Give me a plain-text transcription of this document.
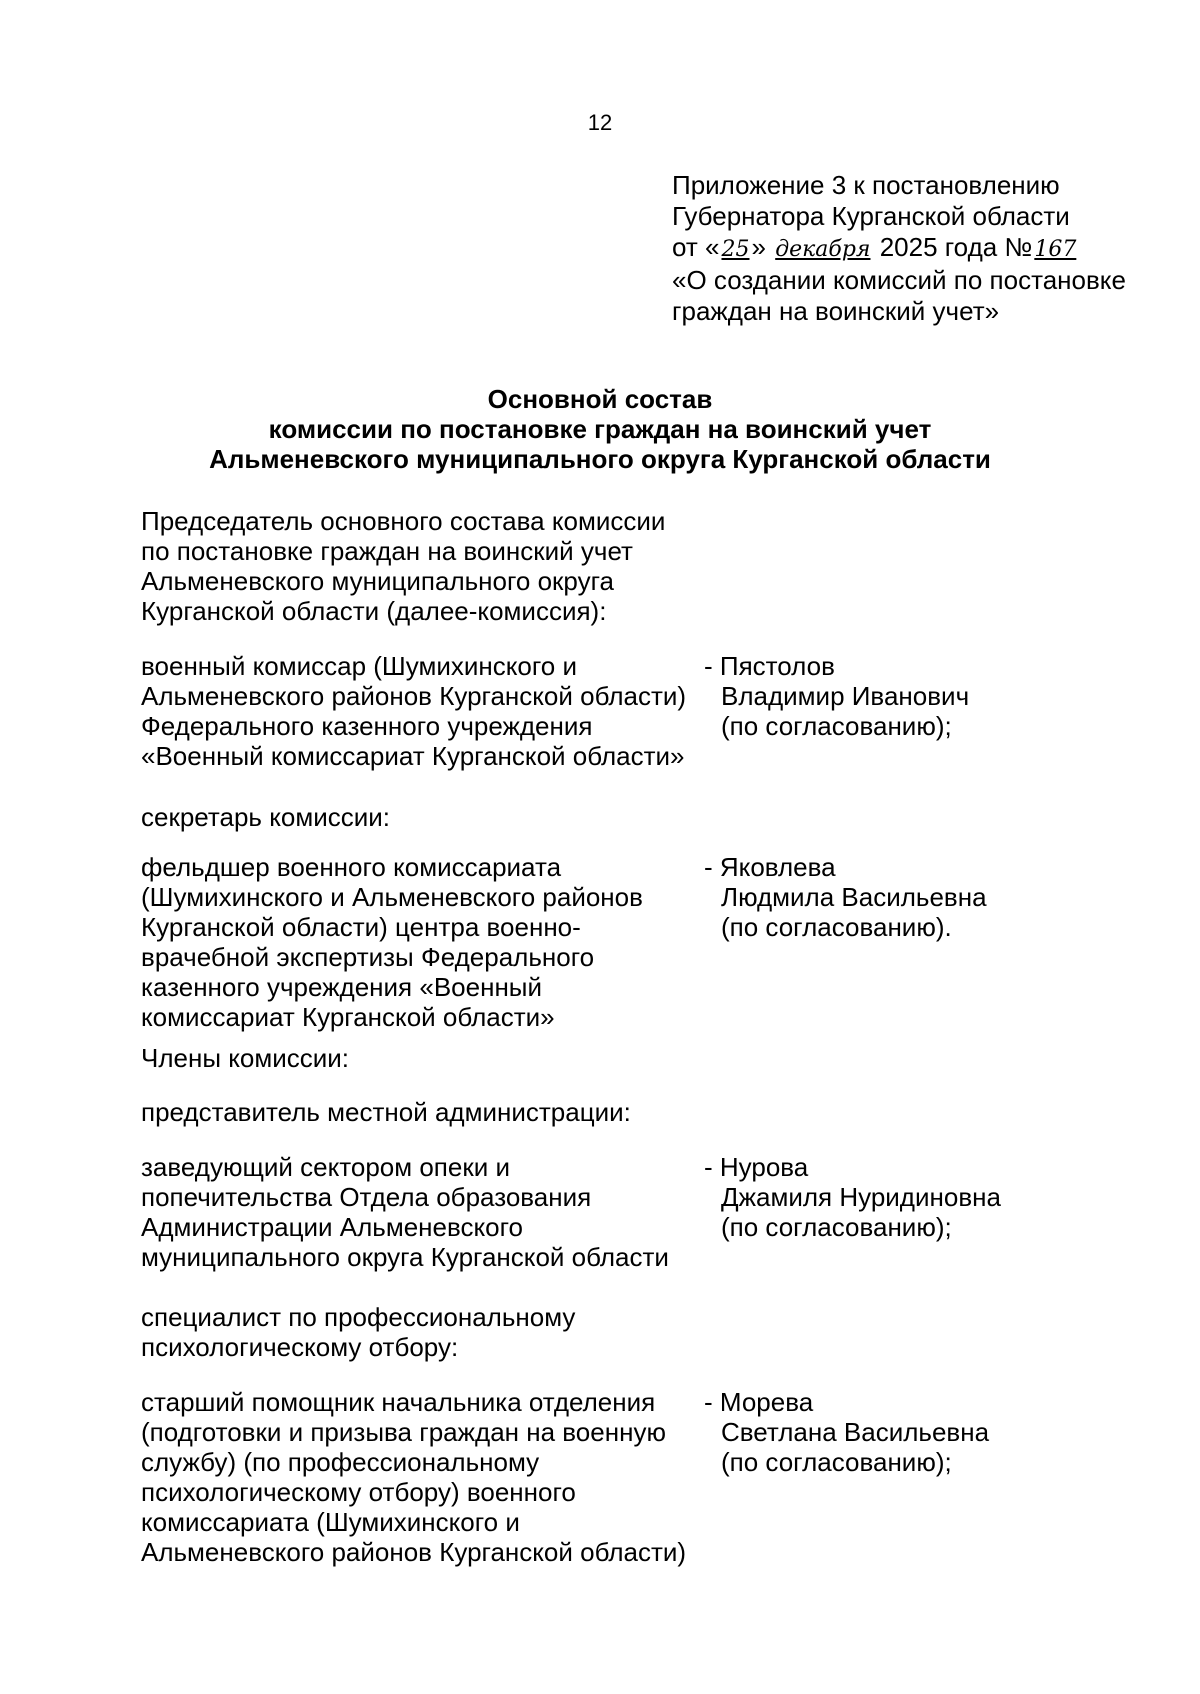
12
Приложение 3 к постановлению
Губернатора Курганской области
от «25» декабря 2025 года №167
«О создании комиссий по постановке
граждан на воинский учет»
Основной состав
комиссии по постановке граждан на воинский учет
Альменевского муниципального округа Курганской области
Председатель основного состава комиссии
по постановке граждан на воинский учет
Альменевского муниципального округа
Курганской области (далее-комиссия):
военный комиссар (Шумихинского и
Альменевского районов Курганской области)
Федерального казенного учреждения
«Военный комиссариат Курганской области»
- Пястолов
Владимир Иванович
(по согласованию);
секретарь комиссии:
фельдшер военного комиссариата
(Шумихинского и Альменевского районов
Курганской области) центра военно-
врачебной экспертизы Федерального
казенного учреждения «Военный
комиссариат Курганской области»
- Яковлева
Людмила Васильевна
(по согласованию).
Члены комиссии:
представитель местной администрации:
заведующий сектором опеки и
попечительства Отдела образования
Администрации Альменевского
муниципального округа Курганской области
- Нурова
Джамиля Нуридиновна
(по согласованию);
специалист по профессиональному
психологическому отбору:
старший помощник начальника отделения
(подготовки и призыва граждан на военную
службу) (по профессиональному
психологическому отбору) военного
комиссариата (Шумихинского и
Альменевского районов Курганской области)
- Морева
Светлана Васильевна
(по согласованию);
